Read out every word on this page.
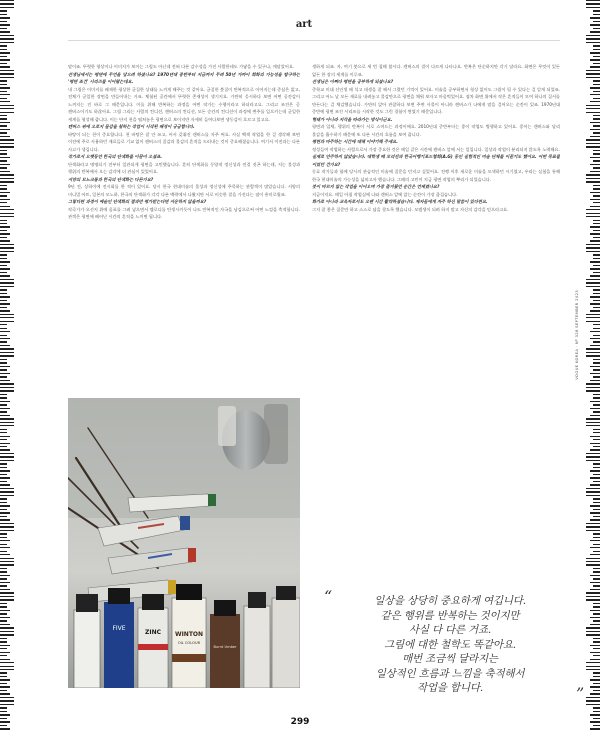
art

말이죠. 뚜렷한 형상이나 이미지가 보이는 그림도 아닌데 전혀 다른 감수성을 가진 사람한테도 가닿을 수 있구나, 깨달았어요.

선생님에서는 평면에 무언을 담으려 하셨나요? 1970년대 중반부터 지금까지 무려 50년 가까이 회화의 가능성을 탐구하는 '평면 조건' 시리즈를 이어왔는데요.

내 그림은 이미지를 배제한 평상한 균질한 상태를 느끼게 해주는 것 같아요. 균질한 붓질이 반복적으로 이어지는데 중심은 없고, 전체가 균일한 장면을 만들어내는 거죠. 체험된 공간에서 뚜렷한 존재성이 생기지요. 가만히 응시하다 보면 어떤 공간감이 느껴지는 건 바로 그 때문입니다. 이를 위해 반복하는 과정을 어떤 작가는 수행이라고 하더라고요. 그리고 조건은 곧 캔버스이기도 하잖아요. 그림 그리는 사람의 컨디션, 캔버스의 컨디션, 모든 순간의 컨디션이 과정에 변주를 일으키는데 균일한 세계를 형성해 줍니다. 이는 단지 천을 펼쳐놓은 평면으로 보이지만 자세히 들여다보면 생동감이 흐르고 있고요.

캔버스 위에 오로지 물감을 칠하는 작업이 시작된 배경이 궁금합니다.

바탕이 되는 천이 중요합니다. 천 바탕은 잘 안 쓰고, 어서 갖춰진 캔버스를 자주 써요. 사실 백색 작업을 한 걸 생각해 보면 이전에 주로 사용하던 재료들로 기교 없이 캔버스의 질감과 물감의 흔적을 드러내는 것이 중요해졌습니다. 여기서 이전과는 다른 사고가 생깁니다.

작가로서 오랫동안 한국의 단색화를 이끌어 오셨죠.

단색화라고 명명되기 전부터 일관되게 평면을 고민했습니다. 흔히 단색화를 동양적 정신성과 연결 짓곤 하는데, 저는 물성과 행위의 반복에서 오는 감각에 더 관심이 있었어요.

서양의 모노크롬과 한국의 단색화는 다른가요?

9년 전, 상하이에 전시회를 한 적이 있어요. 당시 한국 현대미술의 물성과 정신성에 주목하는 관람객이 많았습니다. 서양의 미니멀 아트, 일본의 모노하, 한국의 단색화가 각각 다른 맥락에서 나왔지만 서로 비슷한 결을 가진다는 점이 흥미로웠죠.

그렇다면 과정이 예술인 단색화의 결과만 평가받는다면 서운하지 않을까요?

작곡가가 오선지 위에 음표를 그려 넣으면서 멜로디를 탄생시키듯이 나도 반복적인 자국을 남김으로써 어떤 느낌을 축적합니다. 관객은 평면에 배어난 시간의 흔적을 느끼면 됩니다.

생하게 되죠. 자, 여기 붓으로 세 번 칠해 봅시다. 캔버스의 결이 다르게 나타나요. 반복은 단순하지만 각기 달라요. 화면은 무엇이 있든 없든 한 장의 세계를 이루죠.

선생님은 어쩌다 평면을 공부하게 되셨나요?

중학교 미대 선인생 때 석고 데생을 잘 해서 그렸던 기억이 있어요. 미술을 공부하면서 형상 없이도 그림이 될 수 있다는 걸 알게 되었죠. 그리고 어느 날 모든 재료를 내려놓고 물감만으로 평면을 채워 보자고 마음먹었어요. 점차 화면 위에서 작은 흔적들이 모여 하나의 질서를 만든다는 걸 체감했습니다. 가만히 앉아 관찰하다 보면 주변 사물이 아니라 캔버스가 나에게 말을 걸어오는 순간이 있죠. 1970년대 중반에 평면 조건 시리즈를 시작한 것도 그런 경험이 쌓였기 때문입니다.

형태가 아니라 지각을 따라가는 방식이군요.

평면과 입체, 행위의 반복이 서로 스며드는 과정이에요. 2010년대 중반부터는 종이 작업도 병행하고 있어요. 종이는 캔버스와 달리 물감을 흡수하기 때문에 또 다른 시간의 흐름을 보여 줍니다.

평면과 마주하는 시간에 대해 이야기해 주세요.

정성들여 작업하는 사람으로서 가장 중요한 것은 매일 같은 시간에 캔버스 앞에 서는 일입니다. 일상과 작업이 분리되지 않도록 노력해요.

실제로 안주하지 않았습니다. 대학생 때 모리진과 한국어행기포드협회(A.G) 동인 실험적인 미술 단체를 이끌기도 했어요. 어떤 목표를 이었던 건가요?

동료 작가들과 함께 당시의 관습적인 미술에 질문을 던지고 싶었어요. 전쟁 이후 새로운 미술을 모색하던 시기였고, 우리는 실험을 통해 한국 현대미술의 가능성을 넓히고자 했습니다. 그때의 고민이 지금 평면 작업의 뿌리가 되었습니다.

붓이 마르지 않는 작업을 이어오며 가장 즐거웠던 순간은 언제였나요?

지금이지요. 매일 아침 작업실에 나와 캔버스 앞에 앉는 순간이 가장 즐겁습니다.

화가로 아니라 교육자로서도 오랜 시간 활약하셨습니다. 제자들에게 자주 하신 말씀이 있다면요.

그저 잘 좋은 질문만 하고 스스로 답을 찾도록 했습니다. 모범생이 되려 하지 말고 자신의 감각을 믿으라고요.

FIVE
ZINC WINTON
OIL COLOUR
Burnt Umber
“
”
일상을 상당히 중요하게 여깁니다.
같은 행위를 반복하는 것이지만
사실 다 다른 거죠.
그림에 대한 철학도 똑같아요.
매번 조금씩 달라지는
일상적인 흐름과 느낌을 축적해서
작업을 합니다.
VOGUE KOREA · Nº 328 SEPTEMBER 2023
299
